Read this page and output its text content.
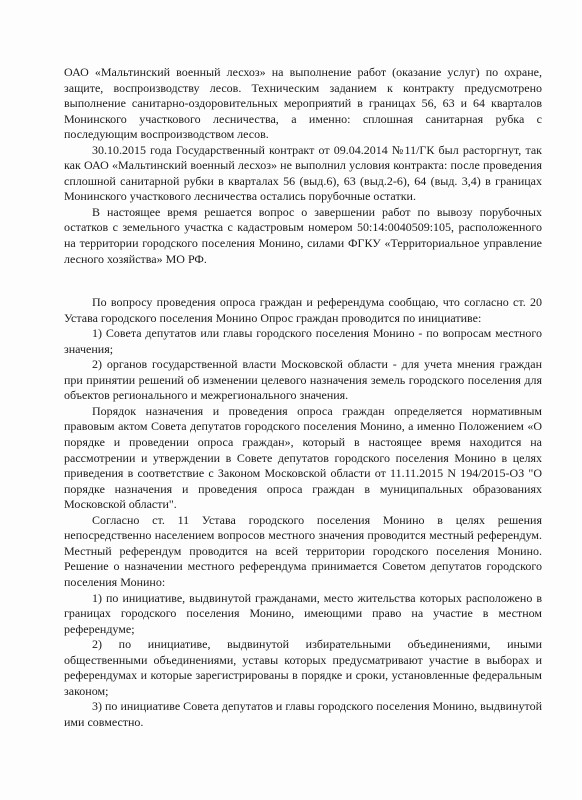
ОАО «Мальтинский военный лесхоз» на выполнение работ (оказание услуг) по охране, защите, воспроизводству лесов. Техническим заданием к контракту предусмотрено выполнение санитарно-оздоровительных мероприятий в границах 56, 63 и 64 кварталов Монинского участкового лесничества, а именно: сплошная санитарная рубка с последующим воспроизводством лесов.

30.10.2015 года Государственный контракт от 09.04.2014 №11/ГК был расторгнут, так как ОАО «Мальтинский военный лесхоз» не выполнил условия контракта: после проведения сплошной санитарной рубки в кварталах 56 (выд.6), 63 (выд.2-6), 64 (выд. 3,4) в границах Монинского участкового лесничества остались порубочные остатки.

В настоящее время решается вопрос о завершении работ по вывозу порубочных остатков с земельного участка с кадастровым номером 50:14:0040509:105, расположенного на территории городского поселения Монино, силами ФГКУ «Территориальное управление лесного хозяйства» МО РФ.

По вопросу проведения опроса граждан и референдума сообщаю, что согласно ст. 20 Устава городского поселения Монино Опрос граждан проводится по инициативе:

1) Совета депутатов или главы городского поселения Монино - по вопросам местного значения;

2) органов государственной власти Московской области - для учета мнения граждан при принятии решений об изменении целевого назначения земель городского поселения для объектов регионального и межрегионального значения.

Порядок назначения и проведения опроса граждан определяется нормативным правовым актом Совета депутатов городского поселения Монино, а именно Положением «О порядке и проведении опроса граждан», который в настоящее время находится на рассмотрении и утверждении в Совете депутатов городского поселения Монино в целях приведения в соответствие с Законом Московской области от 11.11.2015 N 194/2015-ОЗ "О порядке назначения и проведения опроса граждан в муниципальных образованиях Московской области".

Согласно ст. 11 Устава городского поселения Монино в целях решения непосредственно населением вопросов местного значения проводится местный референдум. Местный референдум проводится на всей территории городского поселения Монино. Решение о назначении местного референдума принимается Советом депутатов городского поселения Монино:

1) по инициативе, выдвинутой гражданами, место жительства которых расположено в границах городского поселения Монино, имеющими право на участие в местном референдуме;

2) по инициативе, выдвинутой избирательными объединениями, иными общественными объединениями, уставы которых предусматривают участие в выборах и референдумах и которые зарегистрированы в порядке и сроки, установленные федеральным законом;

3) по инициативе Совета депутатов и главы городского поселения Монино, выдвинутой ими совместно.
